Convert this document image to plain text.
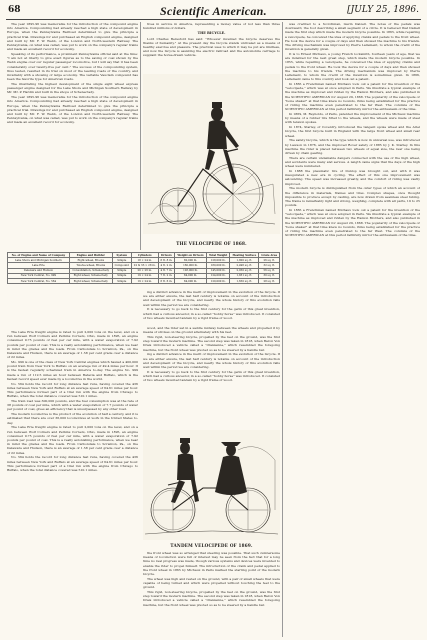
68	Scientific American.	[JULY 25, 1896.

The year 1895-96 was memorable for the introduction of the compound engine into America. Compounding had already reached a high state of development in Europe, when the Pennsylvania Railroad determined to give the principle a practical trial. Drawings for and purchased an English compound engine, designed and built by Mr. F. W. Webb, of the London and North-western Railway. The Pennsylvania, on what was called, was put to work on the company's regular trains and made an excellent record for economy.

Speaking of its performance, a prominent Pennsylvania official said at the time: "I am not at liberty to give exact figures as to the saving of coal shown by the Webb engine over our regular passenger locomotive, but I will say that it has been considerably over twenty-five per cent." The success of the compounding system, thus tested, resulted in its trial on most of the leading roads of the country, and invariably with a showing of large economy. The variable Vauclain compound has been the favorite type for American roads.

The illustrating the highest development of the single eight wheel express passenger engine designed for the Lake Shore and Michigan Southern Railway by Mr. Mr. P. Hardin and built in the shops of Schenectady.

The year 1895-96 was memorable for the introduction of the compound engine into America. Compounding had already reached a high state of development in Europe, when the Pennsylvania Railroad determined to give the principle a practical trial. Drawings for and purchased an English compound engine, designed and built by Mr. F. W. Webb, of the London and North-western Railway. The Pennsylvania, on what was called, was put to work on the company's regular trains and made an excellent record for economy.

tives in service in America, representing a money value of not less than three hundred millions of dollars.

THE BICYCLE.

Lord Charles Beresford has said: "Whoever invented the bicycle deserves the thanks of humanity." At the present day the bicycle stands unrivaled as a means of healthy exercise and pleasure. The practical uses to which it may be put are limitless, and now the bicycle is assisting the electric railroad and the automobile carriage to supplant the horse-drawn vehicle.

THE VELOCIPEDE OF 1868.
No. of Engine and Name of Company	Engine and Builder	System	Cylinders	Drivers	Weight on Drivers	Total Weight	Heating Surface	Grate Area
Lake Shore and Michigan Southern	Eight-wheel, Brooks	Simple	18 × 24 in.	6 ft. 8 in.	80,000 lb.	128,000 lb.	1,800 sq. ft.	26 sq. ft.
Lake Erie	Twelve-wheel, Brooks	Compound	22 & 33 × 28 in.	4 ft. 2 in.	160,000 lb.	180,000 lb.	2,496 sq. ft.	32 sq. ft.
Delaware and Hudson	Consolidation, Schenectady	Simple	20 × 26 in.	4 ft. 7 in.	128,000 lb.	145,000 lb.	2,050 sq. ft.	56 sq. ft.
New York Central, No. 999	Eight-wheel, Schenectady	Simple	19 × 24 in.	7 ft. 2 in.	84,000 lb.	124,000 lb.	1,831 sq. ft.	30 sq. ft.
New York Central, No. 564	Eight-wheel, Schenectady	Simple	19 × 24 in.	6 ft. 6 in.	84,000 lb.	120,000 lb.	1,650 sq. ft.	28 sq. ft.

The Lake Erie freight engine is rated to pull 2,000 tons on the level, and on a run between Wolf Corners and Perkins Corners, Ohio, made in 1895, an engine consumed 9.75 pounds of fuel per car mile, with a water evaporation of 7.92 pounds per pound of coal. This is a really astonishing performance, when we bear in mind the grades and the loads. From Carbondale to Scranton, Pa., on the Delaware and Hudson, there is an average of 1.58 per cent grade over a distance of 22 miles.

Mo. 999 is one of the class of New York Central engines which hauled a 400,000 pound train from New York to Buffalo on an average run of 49.4 miles per hour. It is the fastest regularly scheduled train in America to-day. The engine No. 999 made a run of 112.5 miles an hour between Batavia and Buffalo, which is the fastest record speed ever made by a locomotive in the world.

No. 564 holds the record for long distance fast runs, having covered the 436 miles between New York and Buffalo at an average speed of 64.61 miles per hour. This performance formed part of a trial run with the engine from Chicago to Buffalo, when the total distance covered was 510.1 miles.

The train load was 300,000 pounds, and the fuel consumption was at the rate of 38 pounds of coal per mile, which with a water evaporation of 7.7 pounds of water per pound of coal, gives an efficiency that is unsurpassed by any other road.

The modern locomotive is the product of the evolution of half a century, and it is estimated that there are over 36,000 locomotives at work in the United States to-day.

The Lake Erie freight engine is rated to pull 2,000 tons on the level, and on a run between Wolf Corners and Perkins Corners, Ohio, made in 1895, an engine consumed 9.75 pounds of fuel per car mile, with a water evaporation of 7.92 pounds per pound of coal. This is a really astonishing performance, when we bear in mind the grades and the loads. From Carbondale to Scranton, Pa., on the Delaware and Hudson, there is an average of 1.58 per cent grade over a distance of 22 miles.

No. 564 holds the record for long distance fast runs, having covered the 436 miles between New York and Buffalo at an average speed of 64.61 miles per hour. This performance formed part of a trial run with the engine from Chicago to Buffalo, when the total distance covered was 510.1 miles.

ing a distinct advance in the merit of improvement in the evolution of the bicycle. If we are either ensure, the last half century is notable on account of the introduction and development of the bicycle, and nearly the whole history of this evolution falls well within the period we are considering.

It is necessary to go back to the first century for the germ of this great invention, which had a curious ancestor, in a so-called "hobby horse" was introduced. It consisted of two wheels mounted tandem by a rigid frame of wood.

wood, and the rider sat in a saddle midway between the wheels and propelled it by means of strokes on the ground alternately with his feet.

This rigid, non-steering bicycle, propelled by the feet on the ground, was the first step toward the modern machine. The second step was taken in 1818, when Baron Von Drais introduced a vehicle called a "draisienne," which resembled the foregoing machine, but the front wheel was pivoted so as to be steered by a handle bar.

ing a distinct advance in the merit of improvement in the evolution of the bicycle. If we are either ensure, the last half century is notable on account of the introduction and development of the bicycle, and nearly the whole history of this evolution falls well within the period we are considering.

It is necessary to go back to the first century for the germ of this great invention, which had a curious ancestor, in a so-called "hobby horse" was introduced. It consisted of two wheels mounted tandem by a rigid frame of wood.

TANDEM VELOCIPEDE OF 1869.

the front wheel was so arranged that steering was possible. That such cumbersome means of locomotion were full of interest may be seen from the fact that for a long time no real progress was made, though various systems and devices were invented to enable the rider to propel himself. The introduction of the crank and pedal applied to the front wheel in 1865 by Michaux in Paris marked the starting point of the modern bicycle.

The wheel was high and rested on the ground, with a pair of small wheels that were capable of being turned and which were propelled without touching the feet to the ground.

This rigid, non-steering bicycle, propelled by the feet on the ground, was the first step toward the modern machine. The second step was taken in 1818, when Baron Von Drais introduced a vehicle called a "draisienne," which resembled the foregoing machine, but the front wheel was pivoted so as to be steered by a handle bar.

was credited to a Scotchman, Gavin Dalzell. The notes of the pedals was downward, the foot describing a small segment of a circle. It is believed that Dalzell made the first step which made the modern bicycle possible. In 1865, while repairing a velocipede, he conceived the idea of applying cranks and pedals to the front wheel. He took the device for a couple of days and then showed the machine to his friends. The driving mechanism was improved by Pierre Lallement, to whom the credit of the invention is generally given.

It is to Ernest Michaux, a young French locksmith, fourteen years of age, that we are indebted for the next great step, which made the modern bicycle possible. In 1855, while repairing a velocipede, he conceived the idea of applying cranks and pedals to the front wheel. He took the device for a couple of days and then showed the machine to his friends. The driving mechanism was improved by Pierre Lallement, to whom the credit of the invention is sometimes given. In 1866, Lallement came to this country and took out a patent.

In 1865 a Frenchman named Michaux took out a patent for the invention of the "velocipede," which was at once adopted in Paris. We illustrate a typical example of the machine as improved and ridden by the Hanlon Brothers, and also published in the SCIENTIFIC AMERICAN for August 29, 1868. The popularity of the velocipede or "bone shaker" at that time knew no bounds, rinks being established for the practice of riding the machine even penetrated to the far West. The columns of the SCIENTIFIC AMERICAN at this period faithfully mirror the enthusiasm of the time.

In 1869, M. Reynolds, of Paris, patented the improvement of the Michaux machine by means of a rubber tire fitted to the wheels, and the wheels were made of steel with tension spokes.

In 1874, Starley, of Coventry, introduced the tangent spoke wheel and the Ariel bicycle, the first bicycle built in England with the large front wheel and small rear wheel.

The safety bicycle, which is the type which is now in universal use, was introduced by Lawson in 1876, and the improved Rover safety of 1885 by J. K. Starley. In this machine the rider is placed between two wheels of equal size, the rear one being driven by chain gearing.

There are certain undeniable dangers connected with the use of the high wheel, and accidents were many and serious. A length came signs that the days of the high wheel were numbered.

In 1888 the pneumatic tire of Dunlop was brought out, and with it was inaugurated a new era in cycling. The effect of this one improvement was astounding. The speed was increased greatly, and the comfort of riding was vastly improved.

The modern bicycle is distinguished from the older types of which an account of the difference in materials, frames and tires. Complex shapes, once thought impossible to produce except by casting, are now drawn from seamless steel tubing. The frame is remarkably light and strong, weighing, complete with all parts, 19 to 25 pounds.

In 1865 a Frenchman named Michaux took out a patent for the invention of the "velocipede," which was at once adopted in Paris. We illustrate a typical example of the machine as improved and ridden by the Hanlon Brothers, and also published in the SCIENTIFIC AMERICAN for August 29, 1868. The popularity of the velocipede or "bone shaker" at that time knew no bounds, rinks being established for the practice of riding the machine even penetrated to the far West. The columns of the SCIENTIFIC AMERICAN at this period faithfully mirror the enthusiasm of the time.
